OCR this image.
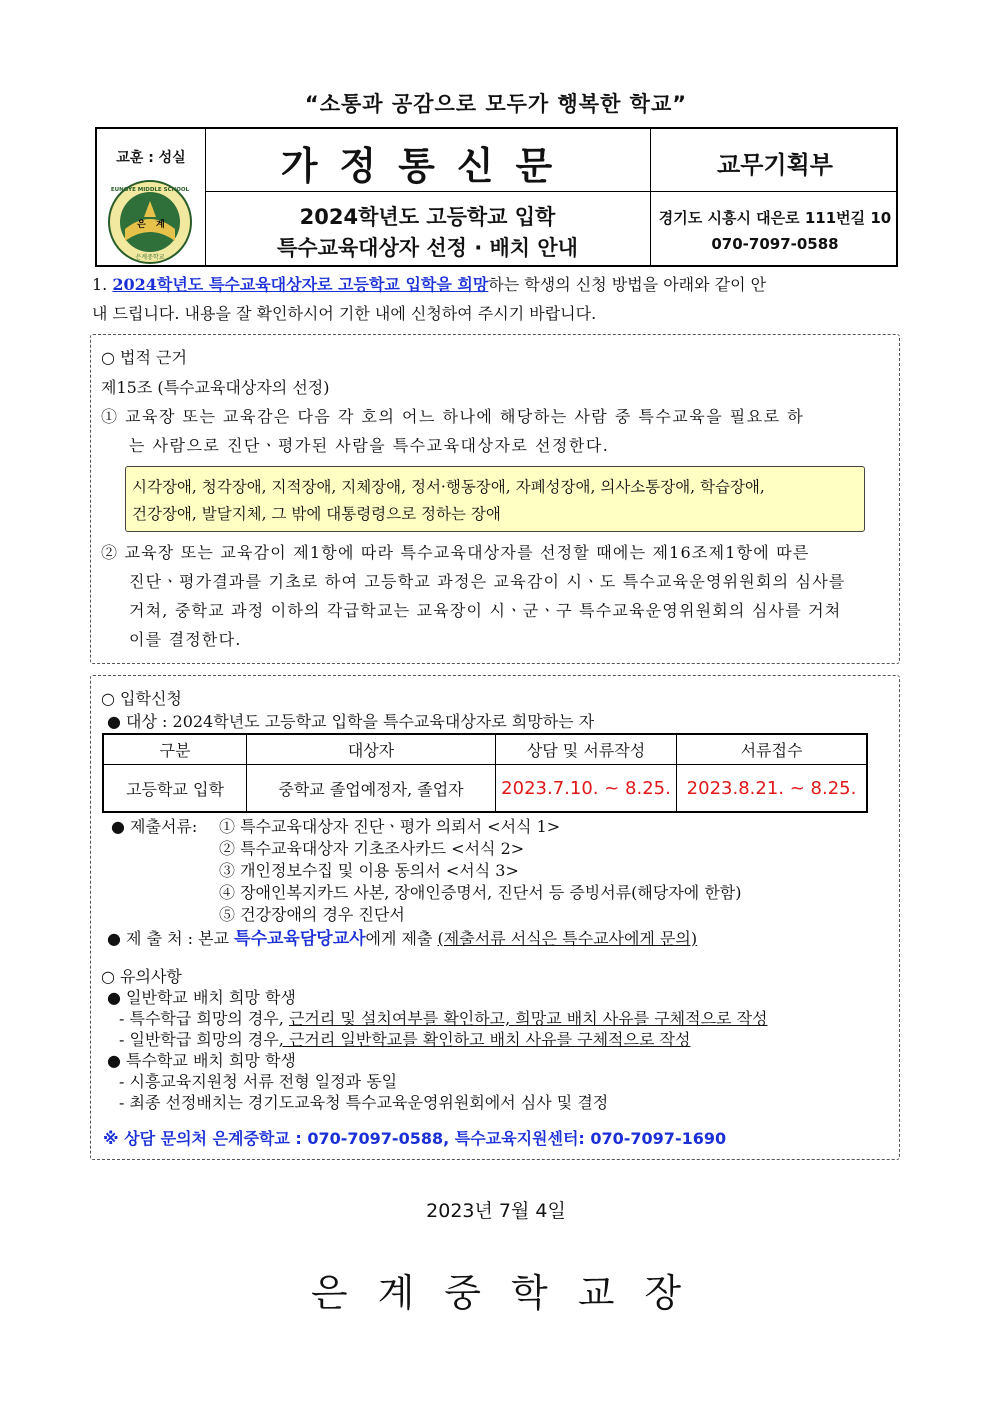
“소통과 공감으로 모두가 행복한 학교”
교훈 : 성실
은 계
EUNGYE MIDDLE SCHOOL
은계중학교
가정통신문	교무기획부
2024학년도 고등학교 입학
특수교육대상자 선정 · 배치 안내
경기도 시흥시 대은로 111번길 10
070-7097-0588
1. 2024학년도 특수교육대상자로 고등학교 입학을 희망하는 학생의 신청 방법을 아래와 같이 안
내 드립니다. 내용을 잘 확인하시어 기한 내에 신청하여 주시기 바랍니다.
○ 법적 근거
제15조 (특수교육대상자의 선정)
① 교육장 또는 교육감은 다음 각 호의 어느 하나에 해당하는 사람 중 특수교육을 필요로 하
는 사람으로 진단ㆍ평가된 사람을 특수교육대상자로 선정한다.
② 교육장 또는 교육감이 제1항에 따라 특수교육대상자를 선정할 때에는 제16조제1항에 따른
진단ㆍ평가결과를 기초로 하여 고등학교 과정은 교육감이 시ㆍ도 특수교육운영위원회의 심사를
거쳐, 중학교 과정 이하의 각급학교는 교육장이 시ㆍ군ㆍ구 특수교육운영위원회의 심사를 거쳐
이를 결정한다.
시각장애, 청각장애, 지적장애, 지체장애, 정서·행동장애, 자폐성장애, 의사소통장애, 학습장애,
건강장애, 발달지체, 그 밖에 대통령령으로 정하는 장애
○ 입학신청
● 대상 : 2024학년도 고등학교 입학을 특수교육대상자로 희망하는 자
● 제출서류: ① 특수교육대상자 진단ㆍ평가 의뢰서 <서식 1>
② 특수교육대상자 기초조사카드 <서식 2>
③ 개인정보수집 및 이용 동의서 <서식 3>
④ 장애인복지카드 사본, 장애인증명서, 진단서 등 증빙서류(해당자에 한함)
⑤ 건강장애의 경우 진단서
● 제 출 처 : 본교 특수교육담당교사에게 제출 (제출서류 서식은 특수교사에게 문의)
○ 유의사항
● 일반학교 배치 희망 학생
- 특수학급 희망의 경우, 근거리 및 설치여부를 확인하고, 희망교 배치 사유를 구체적으로 작성
- 일반학급 희망의 경우, 근거리 일반학교를 확인하고 배치 사유를 구체적으로 작성
● 특수학교 배치 희망 학생
- 시흥교육지원청 서류 전형 일정과 동일
- 최종 선정배치는 경기도교육청 특수교육운영위원회에서 심사 및 결정
※ 상담 문의처 은계중학교 : 070-7097-0588, 특수교육지원센터: 070-7097-1690
구분	대상자	상담 및 서류작성	서류접수
고등학교 입학	중학교 졸업예정자, 졸업자	2023.7.10. ~ 8.25.	2023.8.21. ~ 8.25.
2023년 7월 4일
은계중학교장
